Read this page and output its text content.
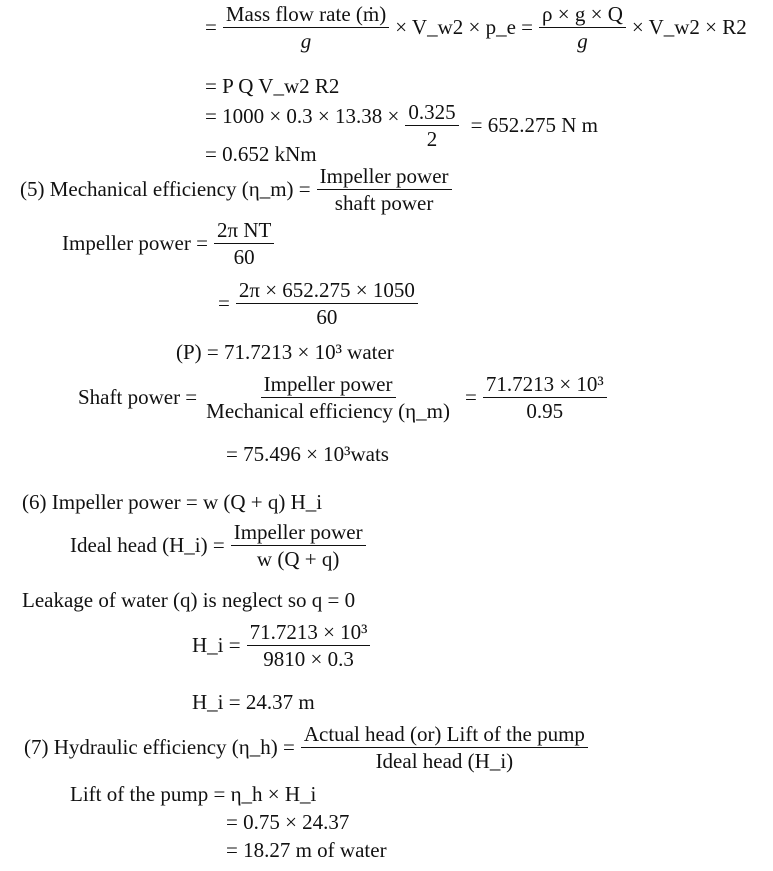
= $\frac{\text{Mass flow rate (ṁ)}}{g}$ × V_w2 × p_e = $\frac{\rho \times g \times Q}{g}$ × V_w2 × R2
= P Q V_w2 R2
= $1000 \times 0.3 \times 13.38 \times \frac{0.325}{2} = 652.275$ N m
= 0.652 kNm
(5) Mechanical efficiency (η_m) = $\frac{\text{Impeller power}}{\text{shaft power}}$
Impeller power = $\frac{\text{2π NT}}{60}$
= $\frac{2\pi \times 652.275 \times 1050}{60}$
(P) = 71.7213 × 10³ water
Shaft power = $\frac{\text{Impeller power}}{\text{Mechanical efficiency (η\_m)}} = \frac{\text{71.7213 × 10³}}{0.95}$
= 75.496 × 10³wats
(6) Impeller power = w (Q + q) H_i
Ideal head (H_i) = $\frac{\text{Impeller power}}{w (Q + q)}$
Leakage of water (q) is neglect so q = 0
H_i = $\frac{\text{71.7213 × 10³}}{9810 \times 0.3}$
H_i = 24.37 m
(7) Hydraulic efficiency (η_h) = $\frac{\text{Actual head (or) Lift of the pump}}{\text{Ideal head (H\_i)}}$
Lift of the pump = η_h × H_i
= 0.75 × 24.37
= 18.27 m of water
